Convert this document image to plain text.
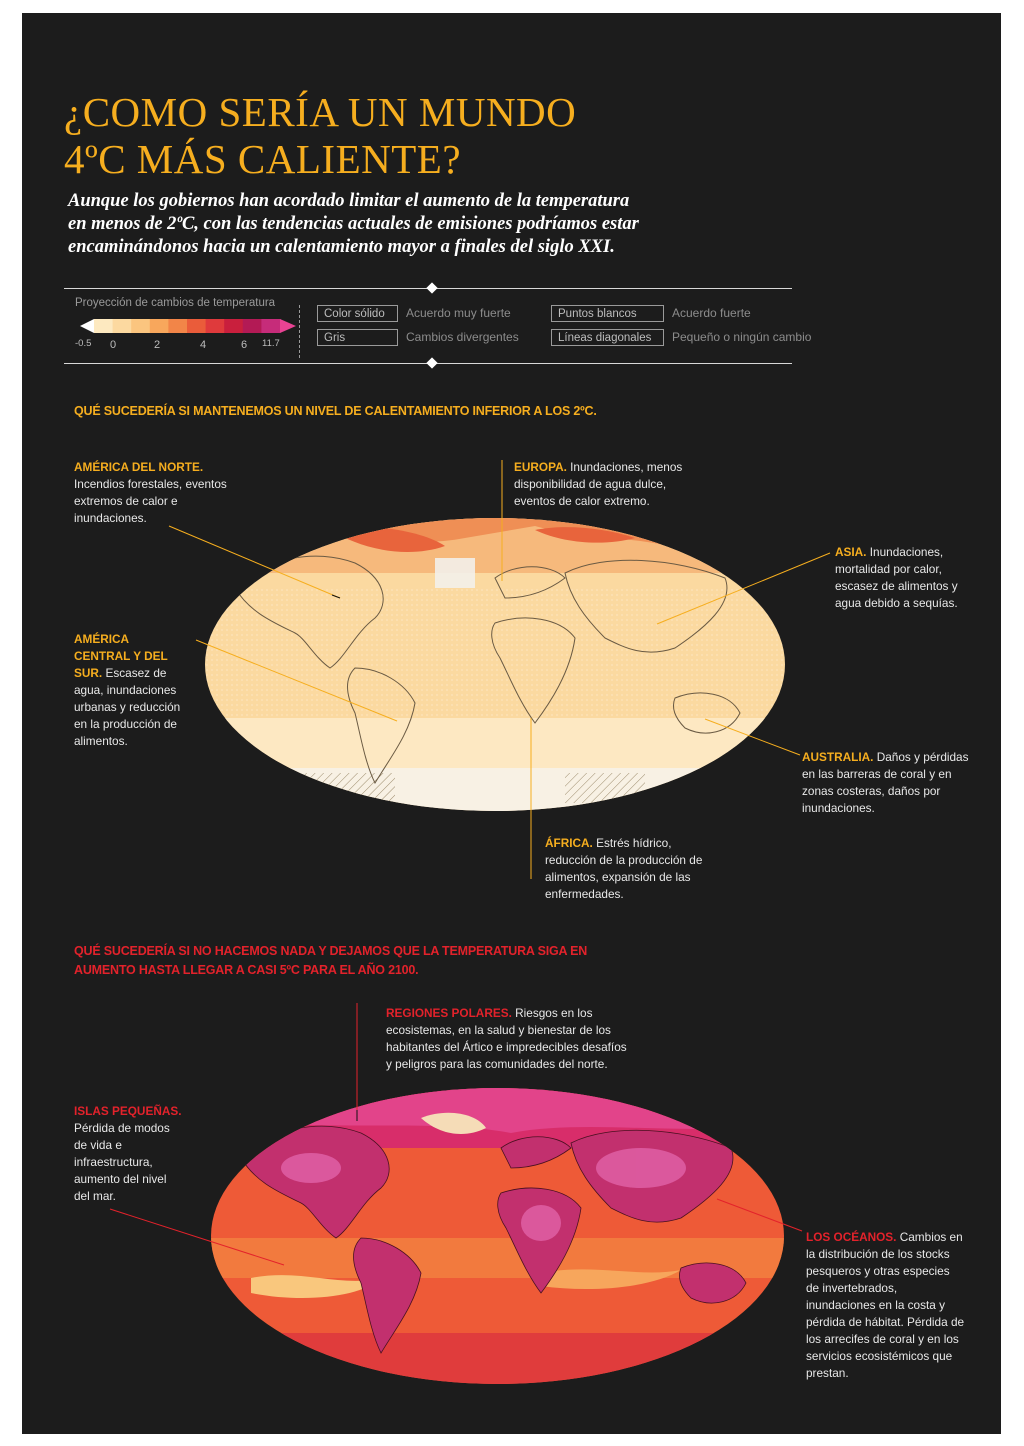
¿COMO SERÍA UN MUNDO
4ºC MÁS CALIENTE?
Aunque los gobiernos han acordado limitar el aumento de la temperatura
en menos de 2ºC, con las tendencias actuales de emisiones podríamos estar
encaminándonos hacia un calentamiento mayor a finales del siglo XXI.
Proyección de cambios de temperatura
-0.5 0	2	4	6 11.7
Color sólido	Acuerdo muy fuerte
Gris	Cambios divergentes
Puntos blancos	Acuerdo fuerte
Líneas diagonales	Pequeño o ningún cambio
QUÉ SUCEDERÍA SI MANTENEMOS UN NIVEL DE CALENTAMIENTO INFERIOR A LOS 2ºC.
AMÉRICA DEL NORTE.
Incendios forestales, eventos
extremos de calor e
inundaciones.
EUROPA. Inundaciones, menos
disponibilidad de agua dulce,
eventos de calor extremo.
ASIA. Inundaciones,
mortalidad por calor,
escasez de alimentos y
agua debido a sequías.
AMÉRICA
CENTRAL Y DEL
SUR. Escasez de
agua, inundaciones
urbanas y reducción
en la producción de
alimentos.
AUSTRALIA. Daños y pérdidas
en las barreras de coral y en
zonas costeras, daños por
inundaciones.
ÁFRICA. Estrés hídrico,
reducción de la producción de
alimentos, expansión de las
enfermedades.
QUÉ SUCEDERÍA SI NO HACEMOS NADA Y DEJAMOS QUE LA TEMPERATURA SIGA EN
AUMENTO HASTA LLEGAR A CASI 5ºC PARA EL AÑO 2100.
REGIONES POLARES. Riesgos en los
ecosistemas, en la salud y bienestar de los
habitantes del Ártico e impredecibles desafíos
y peligros para las comunidades del norte.
ISLAS PEQUEÑAS.
Pérdida de modos
de vida e
infraestructura,
aumento del nivel
del mar.
LOS OCÉANOS. Cambios en
la distribución de los stocks
pesqueros y otras especies
de invertebrados,
inundaciones en la costa y
pérdida de hábitat. Pérdida de
los arrecifes de coral y en los
servicios ecosistémicos que
prestan.
